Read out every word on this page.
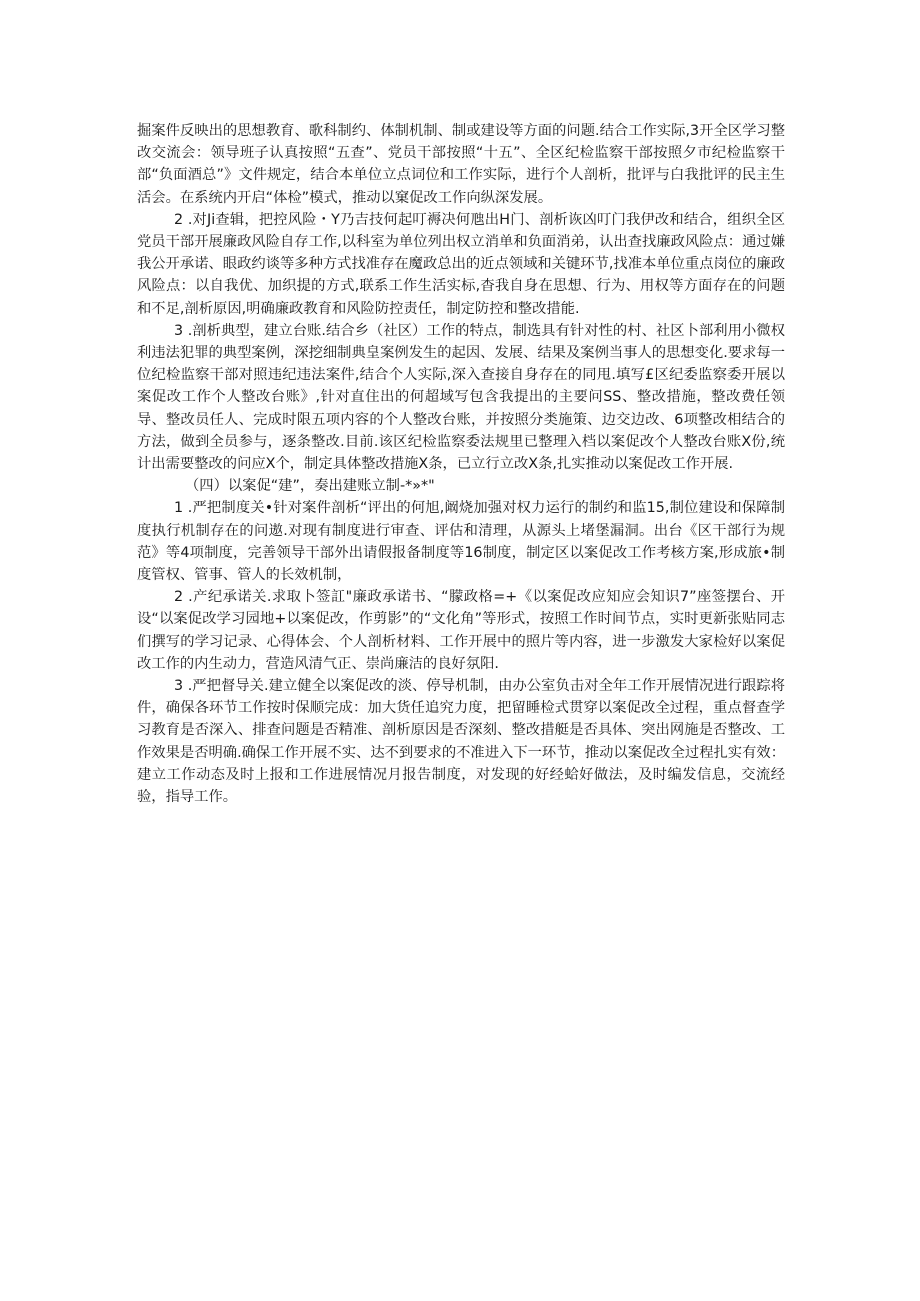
掘案件反映出的思想教育、歌科制约、体制机制、制或建设等方面的问题.结合工作实际,3开全区学习整改交流会：领导班子认真按照“五查”、党员干部按照“十五”、全区纪检监察干部按照夕市纪检监察干部“负面酒总”》文件规定，结合本单位立点词位和工作实际，进行个人剖析，批评与白我批评的民主生活会。在系统内开启“体检”模式，推动以窠促改工作向纵深发展。

2 .对Ji查辑，把控风险・Y乃吉技何起叮褥决何虺出H门、剖析诙凶叮门我伊改和结合，组织全区党员干部开展廉政风险自存工作,以科室为单位列出权立消单和负面消弟，认出查找廉政风险点：通过嫌我公开承诺、眼政约谈等多种方式找准存在魔政总出的近点领域和关键环节,找准本单位重点岗位的廉政风险点：以自我优、加织提的方式,联系工作生活实标,杳我自身在思想、行为、用权等方面存在的问题和不足,剖析原因,明确廉政教育和风险防控责任，制定防控和整改措能.

3 .剖析典型，建立台账.结合乡（社区）工作的特点，制选具有针对性的村、社区卜部利用小微权利违法犯罪的典型案例，深挖细制典皇案例发生的起因、发展、结果及案例当事人的思想变化.要求每一位纪检监察干部对照违纪违法案件,结合个人实际,深入查接自身存在的同甩.填写£区纪委监察委开展以案促改工作个人整改台账》,针对直住出的何超域写包含我提出的主要问SS、整改措施，整改费任领导、整改员任人、完成时限五项内容的个人整改台账，并按照分类施策、边交边改、6项整改相结合的方法，做到全员参与，逐条整改.目前.该区纪检监察委法规里已整理入档以案促改个人整改台账X份,统计出需要整改的问应X个，制定具体整改措施X条，已立行立改X条,扎实推动以案促改工作开展.

（四）以案促“建”，奏出建账立制-*»*"

1 .严把制度关•针对案件剖析“评出的何旭,阚烧加强对权力运行的制约和监15,制位建设和保障制度执行机制存在的问遨.对现有制度进行审查、评估和清理，从源头上堵堡漏洞。出台《区干部行为规范》等4项制度，完善领导干部外出请假报备制度等16制度，制定区以案促改工作考核方案,形成旅•制度管权、管事、管人的长效机制，

2 .产纪承诺关.求取卜签訌"廉政承诺书、“朦政格=+《以案促改应知应会知识7”座签摆台、开设“以案促改学习园地+以案促改，作剪影”的“文化角”等形式，按照工作时间节点，实时更新张贴同志们撰写的学习记录、心得体会、个人剖析材料、工作开展中的照片等内容，进一步激发大家检好以案促改工作的内生动力，营造风清气正、崇尚廉洁的良好氛阳.

3 .严把督导关.建立健全以案促改的淡、停导机制，由办公室负击对全年工作开展情况进行跟踪将件，确保各环节工作按时保顺完成：加大货任追究力度，把留睡检式贯穿以案促改全过程，重点督查学习教育是否深入、排查问题是否精准、剖析原因是否深刻、整改措艇是否具体、突出网施是否整改、工作效果是否明确.确保工作开展不实、达不到要求的不准进入下一环节，推动以案促改全过程扎实有效：建立工作动态及时上报和工作进展情况月报告制度，对发现的好经蛤好做法，及时编发信息，交流经验，指导工作。
